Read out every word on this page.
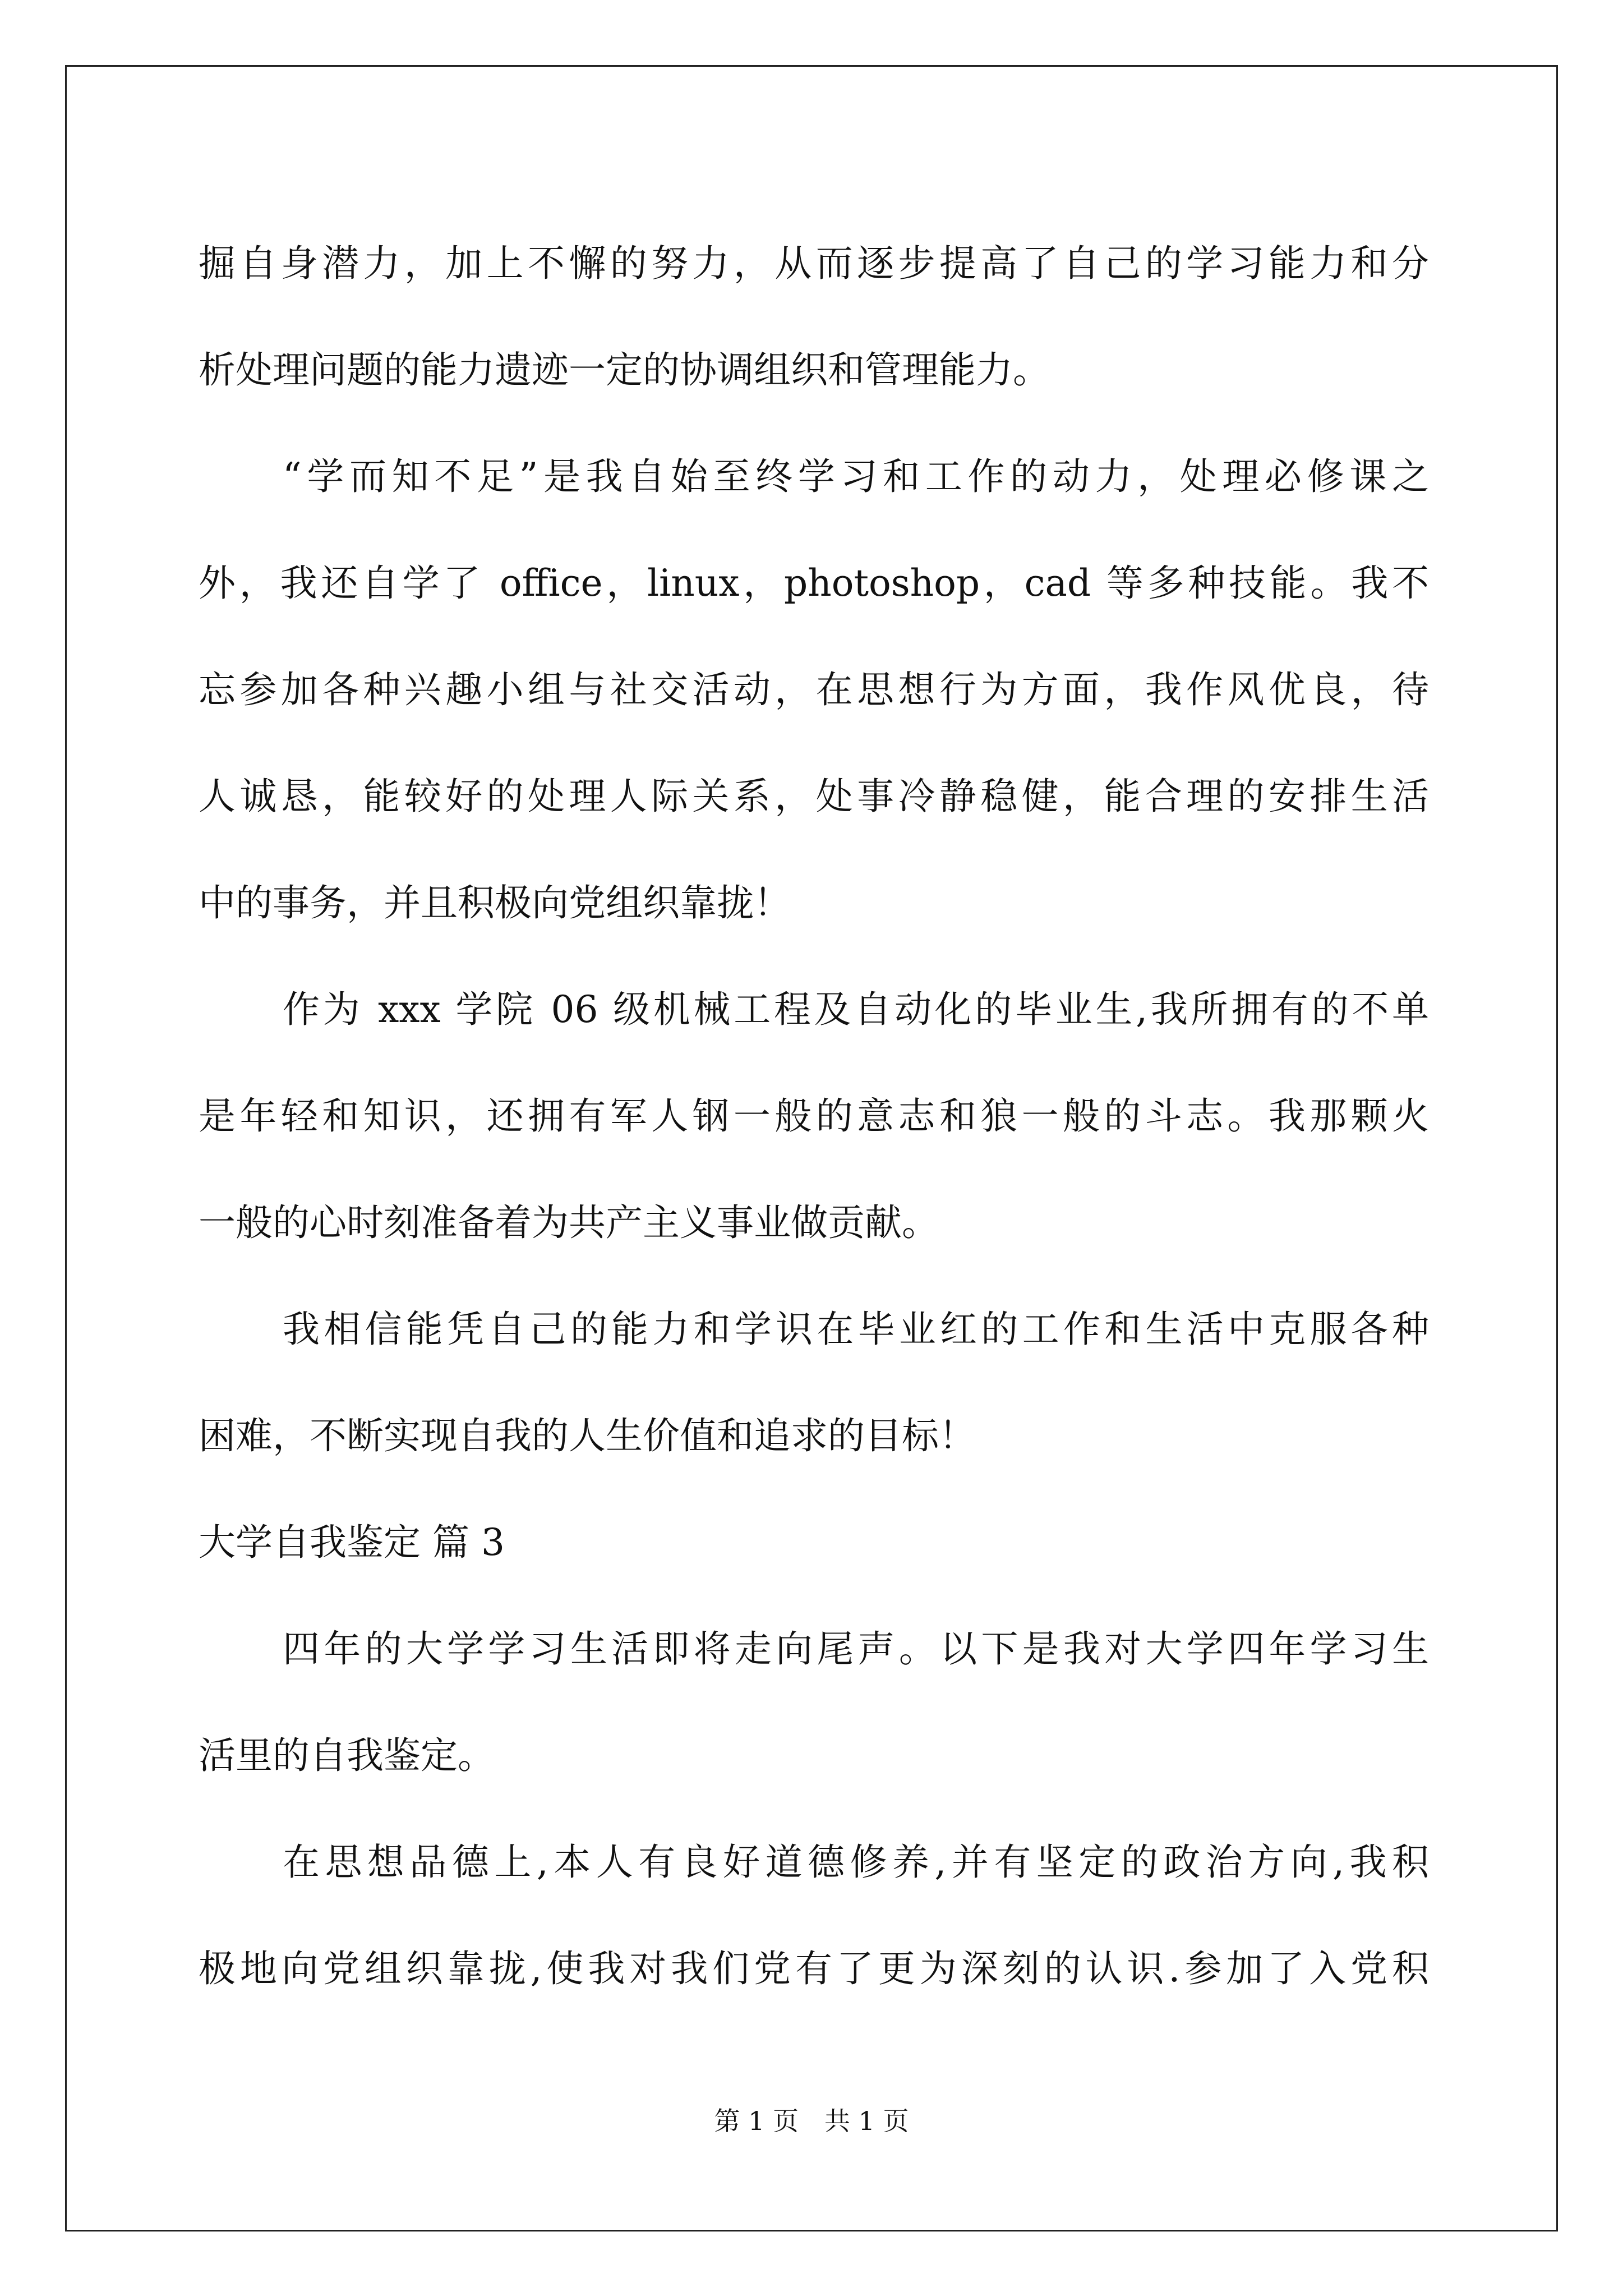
掘自身潜力，加上不懈的努力，从而逐步提高了自己的学习能力和分
析处理问题的能力遗迹一定的协调组织和管理能力。
“学而知不足”是我自始至终学习和工作的动力，处理必修课之
外，我还自学了 office，linux，photoshop，cad 等多种技能。我不
忘参加各种兴趣小组与社交活动，在思想行为方面，我作风优良，待
人诚恳，能较好的处理人际关系，处事冷静稳健，能合理的安排生活
中的事务，并且积极向党组织靠拢！
作为 xxx 学院 06 级机械工程及自动化的毕业生,我所拥有的不单
是年轻和知识，还拥有军人钢一般的意志和狼一般的斗志。我那颗火
一般的心时刻准备着为共产主义事业做贡献。
我相信能凭自己的能力和学识在毕业红的工作和生活中克服各种
困难，不断实现自我的人生价值和追求的目标！
大学自我鉴定 篇 3
四年的大学学习生活即将走向尾声。以下是我对大学四年学习生
活里的自我鉴定。
在思想品德上,本人有良好道德修养,并有坚定的政治方向,我积
极地向党组织靠拢,使我对我们党有了更为深刻的认识.参加了入党积
第 1 页　共 1 页
